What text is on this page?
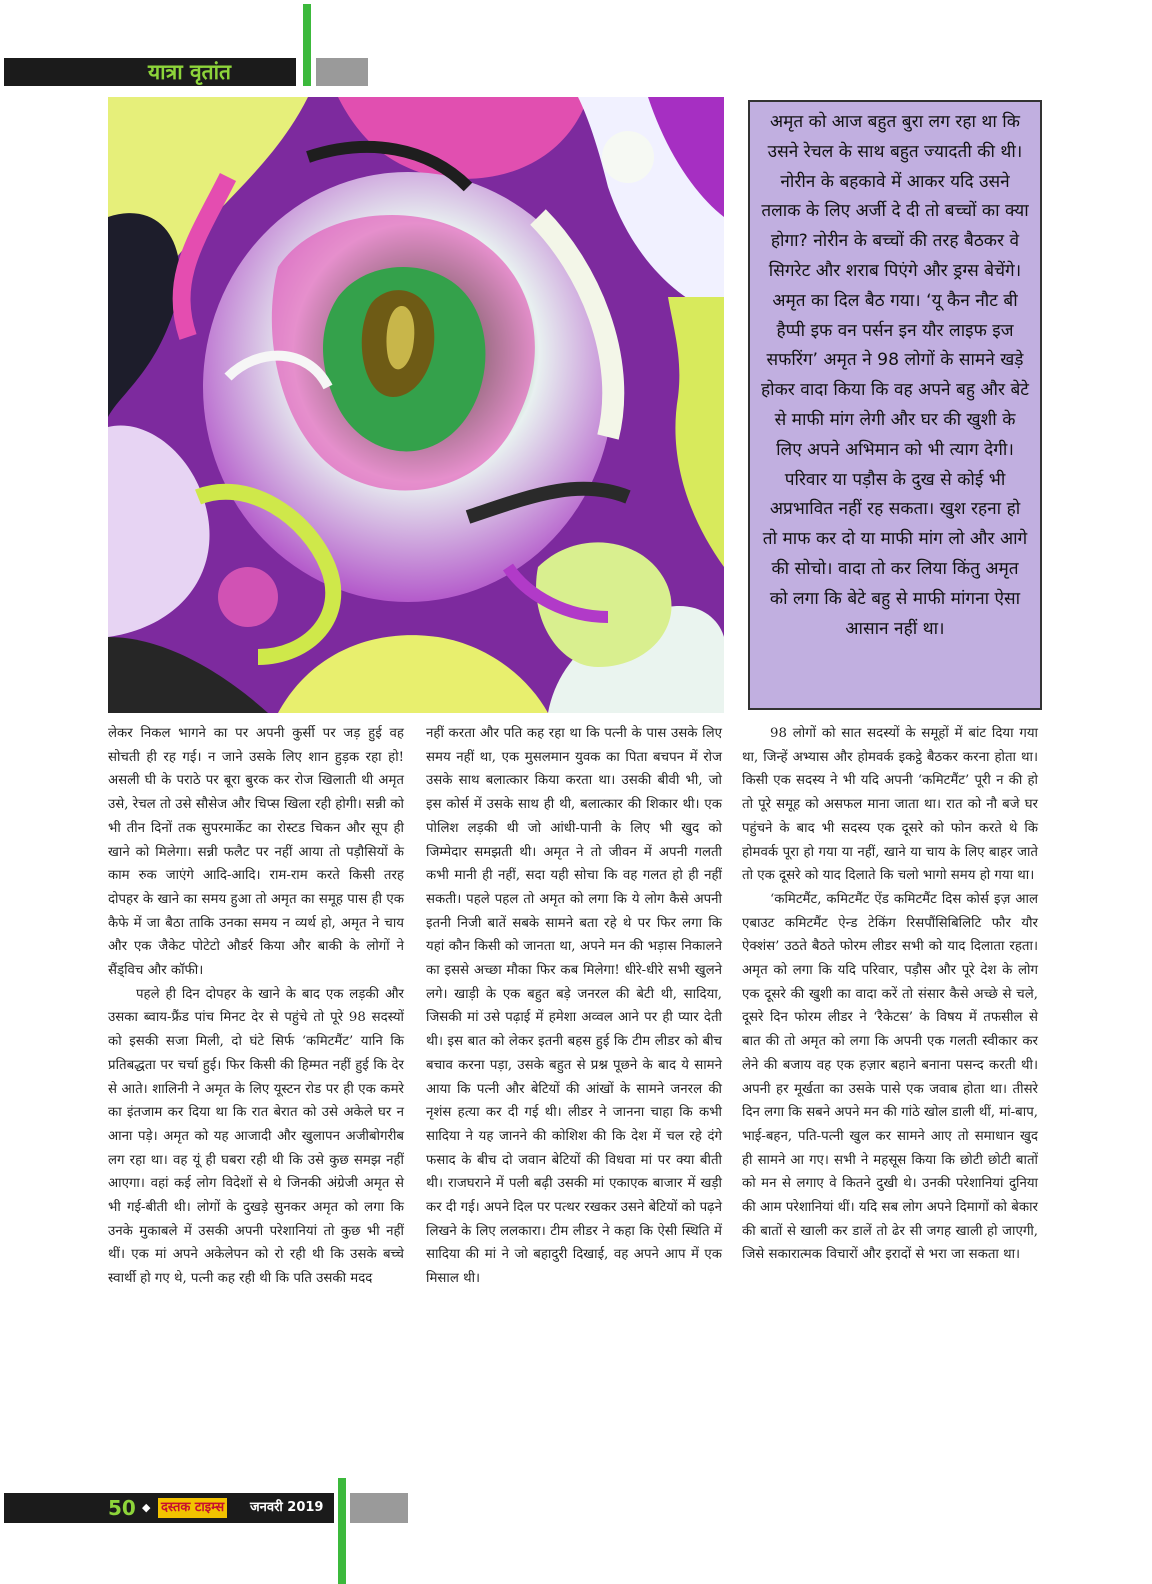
यात्रा वृतांत

अमृत को आज बहुत बुरा लग रहा था कि उसने रेचल के साथ बहुत ज्यादती की थी। नोरीन के बहकावे में आकर यदि उसने तलाक के लिए अर्जी दे दी तो बच्चों का क्या होगा? नोरीन के बच्चों की तरह बैठकर वे सिगरेट और शराब पिएंगे और ड्रग्स बेचेंगे। अमृत का दिल बैठ गया। ‘यू कैन नौट बी हैप्पी इफ वन पर्सन इन यौर लाइफ इज सफरिंग’ अमृत ने 98 लोगों के सामने खड़े होकर वादा किया कि वह अपने बहु और बेटे से माफी मांग लेगी और घर की खुशी के लिए अपने अभिमान को भी त्याग देगी। परिवार या पड़ौस के दुख से कोई भी अप्रभावित नहीं रह सकता। खुश रहना हो तो माफ कर दो या माफी मांग लो और आगे की सोचो। वादा तो कर लिया किंतु अमृत को लगा कि बेटे बहु से माफी मांगना ऐसा आसान नहीं था।

लेकर निकल भागने का पर अपनी कुर्सी पर जड़ हुई वह सोचती ही रह गई। न जाने उसके लिए शान हुड़क रहा हो! असली घी के पराठे पर बूरा बुरक कर रोज खिलाती थी अमृत उसे, रेचल तो उसे सौसेज और चिप्स खिला रही होगी। सन्नी को भी तीन दिनों तक सुपरमार्केट का रोस्टड चिकन और सूप ही खाने को मिलेगा। सन्नी फलैट पर नहीं आया तो पड़ौसियों के काम रुक जाएंगे आदि-आदि। राम-राम करते किसी तरह दोपहर के खाने का समय हुआ तो अमृत का समूह पास ही एक कैफे में जा बैठा ताकि उनका समय न व्यर्थ हो, अमृत ने चाय और एक जैकेट पोटेटो औडर्र किया और बाकी के लोगों ने सैंड्विच और कॉफी।

पहले ही दिन दोपहर के खाने के बाद एक लड़की और उसका ब्वाय-फ्रैंड पांच मिनट देर से पहुंचे तो पूरे 98 सदस्यों को इसकी सजा मिली, दो घंटे सिर्फ ‘कमिटमैंट’ यानि कि प्रतिबद्धता पर चर्चा हुई। फिर किसी की हिम्मत नहीं हुई कि देर से आते। शालिनी ने अमृत के लिए यूस्टन रोड पर ही एक कमरे का इंतजाम कर दिया था कि रात बेरात को उसे अकेले घर न आना पड़े। अमृत को यह आजादी और खुलापन अजीबोगरीब लग रहा था। वह यूं ही घबरा रही थी कि उसे कुछ समझ नहीं आएगा। वहां कई लोग विदेशों से थे जिनकी अंग्रेजी अमृत से भी गई-बीती थी। लोगों के दुखड़े सुनकर अमृत को लगा कि उनके मुकाबले में उसकी अपनी परेशानियां तो कुछ भी नहीं थीं। एक मां अपने अकेलेपन को रो रही थी कि उसके बच्चे स्वार्थी हो गए थे, पत्नी कह रही थी कि पति उसकी मदद

नहीं करता और पति कह रहा था कि पत्नी के पास उसके लिए समय नहीं था, एक मुसलमान युवक का पिता बचपन में रोज उसके साथ बलात्कार किया करता था। उसकी बीवी भी, जो इस कोर्स में उसके साथ ही थी, बलात्कार की शिकार थी। एक पोलिश लड़की थी जो आंधी-पानी के लिए भी खुद को जिम्मेदार समझती थी। अमृत ने तो जीवन में अपनी गलती कभी मानी ही नहीं, सदा यही सोचा कि वह गलत हो ही नहीं सकती। पहले पहल तो अमृत को लगा कि ये लोग कैसे अपनी इतनी निजी बातें सबके सामने बता रहे थे पर फिर लगा कि यहां कौन किसी को जानता था, अपने मन की भड़ास निकालने का इससे अच्छा मौका फिर कब मिलेगा! धीरे-धीरे सभी खुलने लगे। खाड़ी के एक बहुत बड़े जनरल की बेटी थी, सादिया, जिसकी मां उसे पढ़ाई में हमेशा अव्वल आने पर ही प्यार देती थी। इस बात को लेकर इतनी बहस हुई कि टीम लीडर को बीच बचाव करना पड़ा, उसके बहुत से प्रश्न पूछने के बाद ये सामने आया कि पत्नी और बेटियों की आंखों के सामने जनरल की नृशंस हत्या कर दी गई थी। लीडर ने जानना चाहा कि कभी सादिया ने यह जानने की कोशिश की कि देश में चल रहे दंगे फसाद के बीच दो जवान बेटियों की विधवा मां पर क्या बीती थी। राजघराने में पली बढ़ी उसकी मां एकाएक बाजार में खड़ी कर दी गई। अपने दिल पर पत्थर रखकर उसने बेटियों को पढ़ने लिखने के लिए ललकारा। टीम लीडर ने कहा कि ऐसी स्थिति में सादिया की मां ने जो बहादुरी दिखाई, वह अपने आप में एक मिसाल थी।

98 लोगों को सात सदस्यों के समूहों में बांट दिया गया था, जिन्हें अभ्यास और होमवर्क इकट्ठे बैठकर करना होता था। किसी एक सदस्य ने भी यदि अपनी ‘कमिटमैंट’ पूरी न की हो तो पूरे समूह को असफल माना जाता था। रात को नौ बजे घर पहुंचने के बाद भी सदस्य एक दूसरे को फोन करते थे कि होमवर्क पूरा हो गया या नहीं, खाने या चाय के लिए बाहर जाते तो एक दूसरे को याद दिलाते कि चलो भागो समय हो गया था।

‘कमिटमैंट, कमिटमैंट ऐंड कमिटमैंट दिस कोर्स इज़ आल एबाउट कमिटमैंट ऐन्ड टेकिंग रिसपौंसिबिलिटि फौर यौर ऐक्शंस’ उठते बैठते फोरम लीडर सभी को याद दिलाता रहता। अमृत को लगा कि यदि परिवार, पड़ौस और पूरे देश के लोग एक दूसरे की खुशी का वादा करें तो संसार कैसे अच्छे से चले, दूसरे दिन फोरम लीडर ने ‘रैकेटस’ के विषय में तफसील से बात की तो अमृत को लगा कि अपनी एक गलती स्वीकार कर लेने की बजाय वह एक हज़ार बहाने बनाना पसन्द करती थी। अपनी हर मूर्खता का उसके पासे एक जवाब होता था। तीसरे दिन लगा कि सबने अपने मन की गांठे खोल डाली थीं, मां-बाप, भाई-बहन, पति-पत्नी खुल कर सामने आए तो समाधान खुद ही सामने आ गए। सभी ने महसूस किया कि छोटी छोटी बातों को मन से लगाए वे कितने दुखी थे। उनकी परेशानियां दुनिया की आम परेशानियां थीं। यदि सब लोग अपने दिमागों को बेकार की बातों से खाली कर डालें तो ढेर सी जगह खाली हो जाएगी, जिसे सकारात्मक विचारों और इरादों से भरा जा सकता था।

50 ◆ दस्तक टाइम्स जनवरी 2019
